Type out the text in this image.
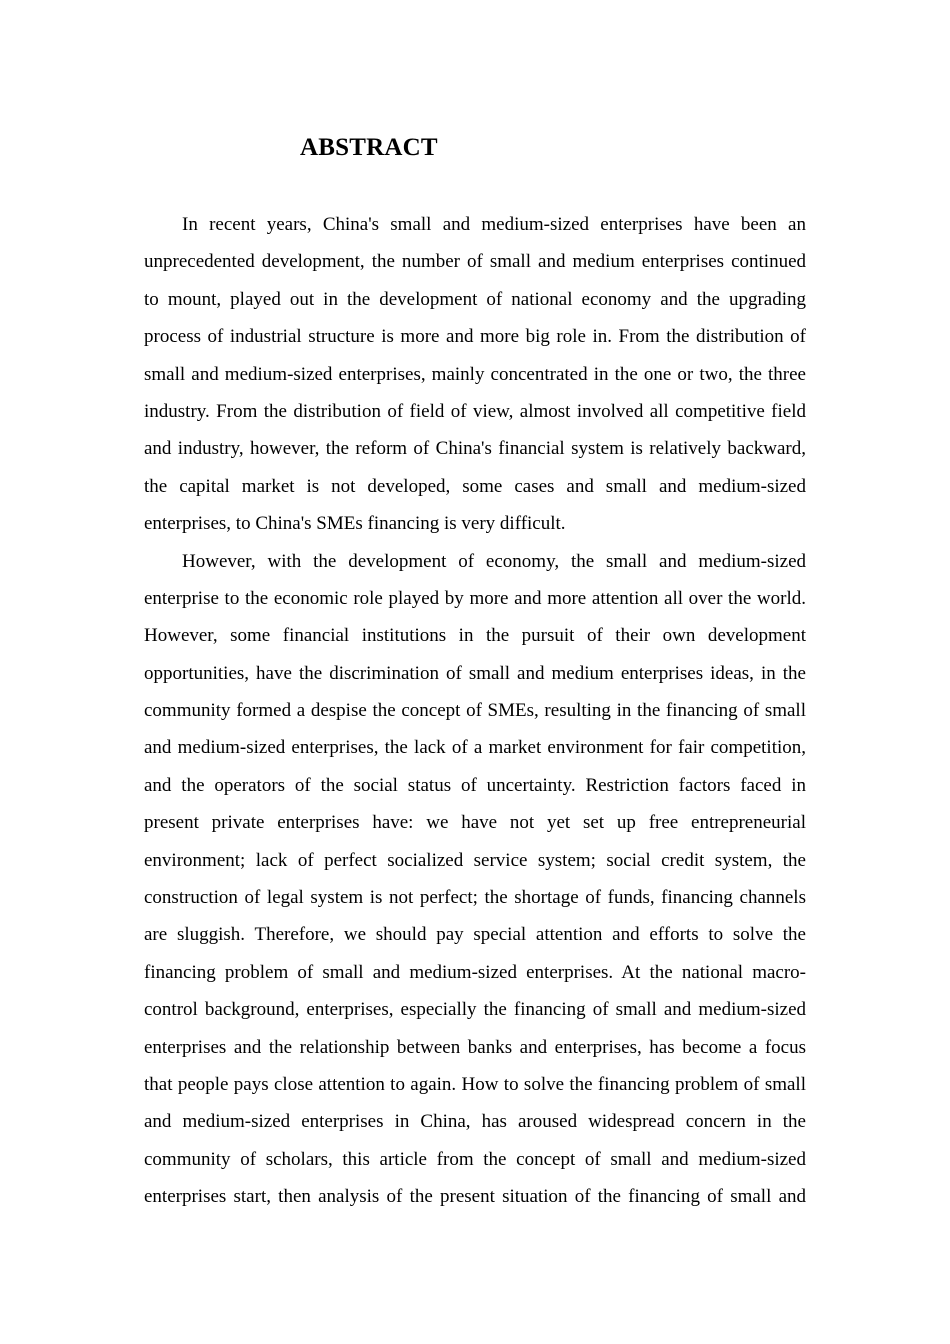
ABSTRACT
In recent years, China's small and medium-sized enterprises have been an
unprecedented development, the number of small and medium enterprises continued
to mount, played out in the development of national economy and the upgrading
process of industrial structure is more and more big role in. From the distribution of
small and medium-sized enterprises, mainly concentrated in the one or two, the three
industry. From the distribution of field of view, almost involved all competitive field
and industry, however, the reform of China's financial system is relatively backward,
the capital market is not developed, some cases and small and medium-sized
enterprises, to China's SMEs financing is very difficult.
However, with the development of economy, the small and medium-sized
enterprise to the economic role played by more and more attention all over the world.
However, some financial institutions in the pursuit of their own development
opportunities, have the discrimination of small and medium enterprises ideas, in the
community formed a despise the concept of SMEs, resulting in the financing of small
and medium-sized enterprises, the lack of a market environment for fair competition,
and the operators of the social status of uncertainty. Restriction factors faced in
present private enterprises have: we have not yet set up free entrepreneurial
environment; lack of perfect socialized service system; social credit system, the
construction of legal system is not perfect; the shortage of funds, financing channels
are sluggish. Therefore, we should pay special attention and efforts to solve the
financing problem of small and medium-sized enterprises. At the national macro-
control background, enterprises, especially the financing of small and medium-sized
enterprises and the relationship between banks and enterprises, has become a focus
that people pays close attention to again. How to solve the financing problem of small
and medium-sized enterprises in China, has aroused widespread concern in the
community of scholars, this article from the concept of small and medium-sized
enterprises start, then analysis of the present situation of the financing of small and
